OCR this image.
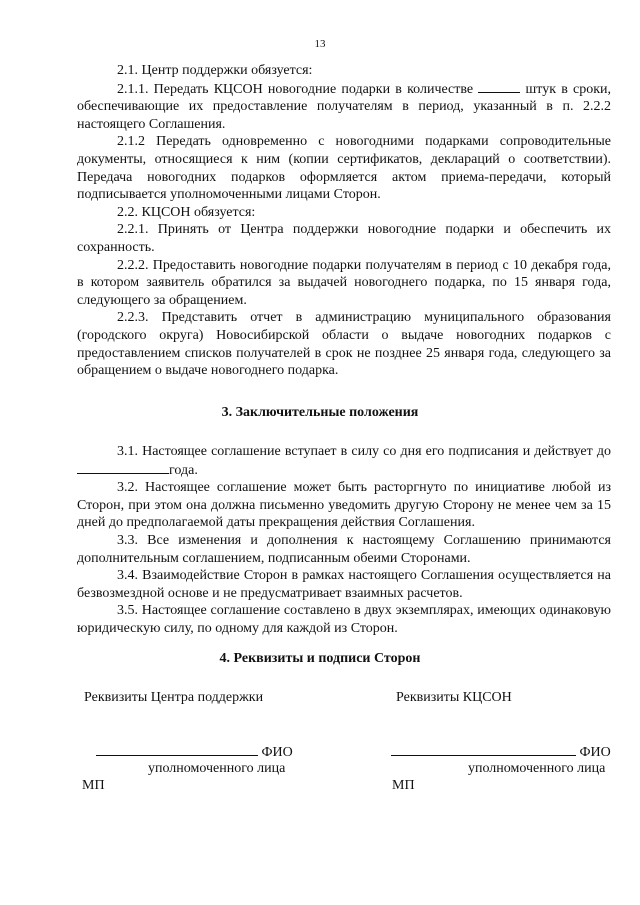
13

2.1. Центр поддержки обязуется:

2.1.1. Передать КЦСОН новогодние подарки в количестве	штук в сроки, обеспечивающие их предоставление получателям в период, указанный в п. 2.2.2 настоящего Соглашения.

2.1.2 Передать одновременно с новогодними подарками сопроводительные документы, относящиеся к ним (копии сертификатов, деклараций о соответствии). Передача новогодних подарков оформляется актом приема-передачи, который подписывается уполномоченными лицами Сторон.

2.2. КЦСОН обязуется:

2.2.1. Принять от Центра поддержки новогодние подарки и обеспечить их сохранность.

2.2.2. Предоставить новогодние подарки получателям в период с 10 декабря года, в котором заявитель обратился за выдачей новогоднего подарка, по 15 января года, следующего за обращением.

2.2.3. Представить отчет в администрацию муниципального образования (городского округа) Новосибирской области о выдаче новогодних подарков с предоставлением списков получателей в срок не позднее 25 января года, следующего за обращением о выдаче новогоднего подарка.

3. Заключительные положения

3.1. Настоящее соглашение вступает в силу со дня его подписания и действует до года.

3.2. Настоящее соглашение может быть расторгнуто по инициативе любой из Сторон, при этом она должна письменно уведомить другую Сторону не менее чем за 15 дней до предполагаемой даты прекращения действия Соглашения.

3.3. Все изменения и дополнения к настоящему Соглашению принимаются дополнительным соглашением, подписанным обеими Сторонами.

3.4. Взаимодействие Сторон в рамках настоящего Соглашения осуществляется на безвозмездной основе и не предусматривает взаимных расчетов.

3.5. Настоящее соглашение составлено в двух экземплярах, имеющих одинаковую юридическую силу, по одному для каждой из Сторон.

4. Реквизиты и подписи Сторон
Реквизиты Центра поддержки	Реквизиты КЦСОН
ФИО
уполномоченного лица
МП
ФИО
уполномоченного лица
МП
